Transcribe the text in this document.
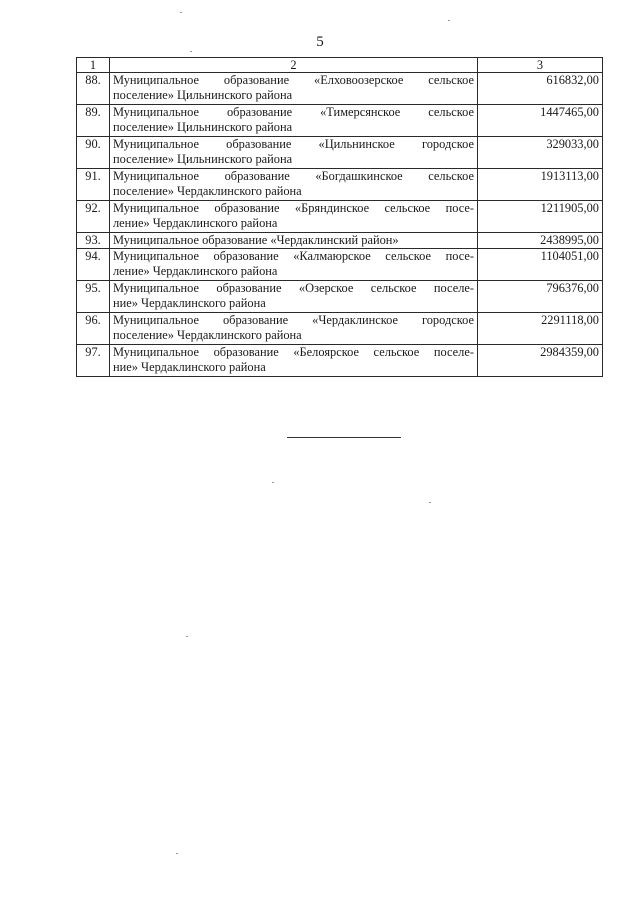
5
1	2	3
88.	Муниципальное образование «Елховоозерское сельское
поселение» Цильнинского района	616832,00
89.	Муниципальное образование «Тимерсянское сельское
поселение» Цильнинского района	1447465,00
90.	Муниципальное образование «Цильнинское городское
поселение» Цильнинского района	329033,00
91.	Муниципальное образование «Богдашкинское сельское
поселение» Чердаклинского района	1913113,00
92.	Муниципальное образование «Бряндинское сельское посе-
ление» Чердаклинского района	1211905,00
93.	Муниципальное образование «Чердаклинский район»	2438995,00
94.	Муниципальное образование «Калмаюрское сельское посе-
ление» Чердаклинского района	1104051,00
95.	Муниципальное образование «Озерское сельское поселе-
ние» Чердаклинского района	796376,00
96.	Муниципальное образование «Чердаклинское городское
поселение» Чердаклинского района	2291118,00
97.	Муниципальное образование «Белоярское сельское поселе-
ние» Чердаклинского района	2984359,00
